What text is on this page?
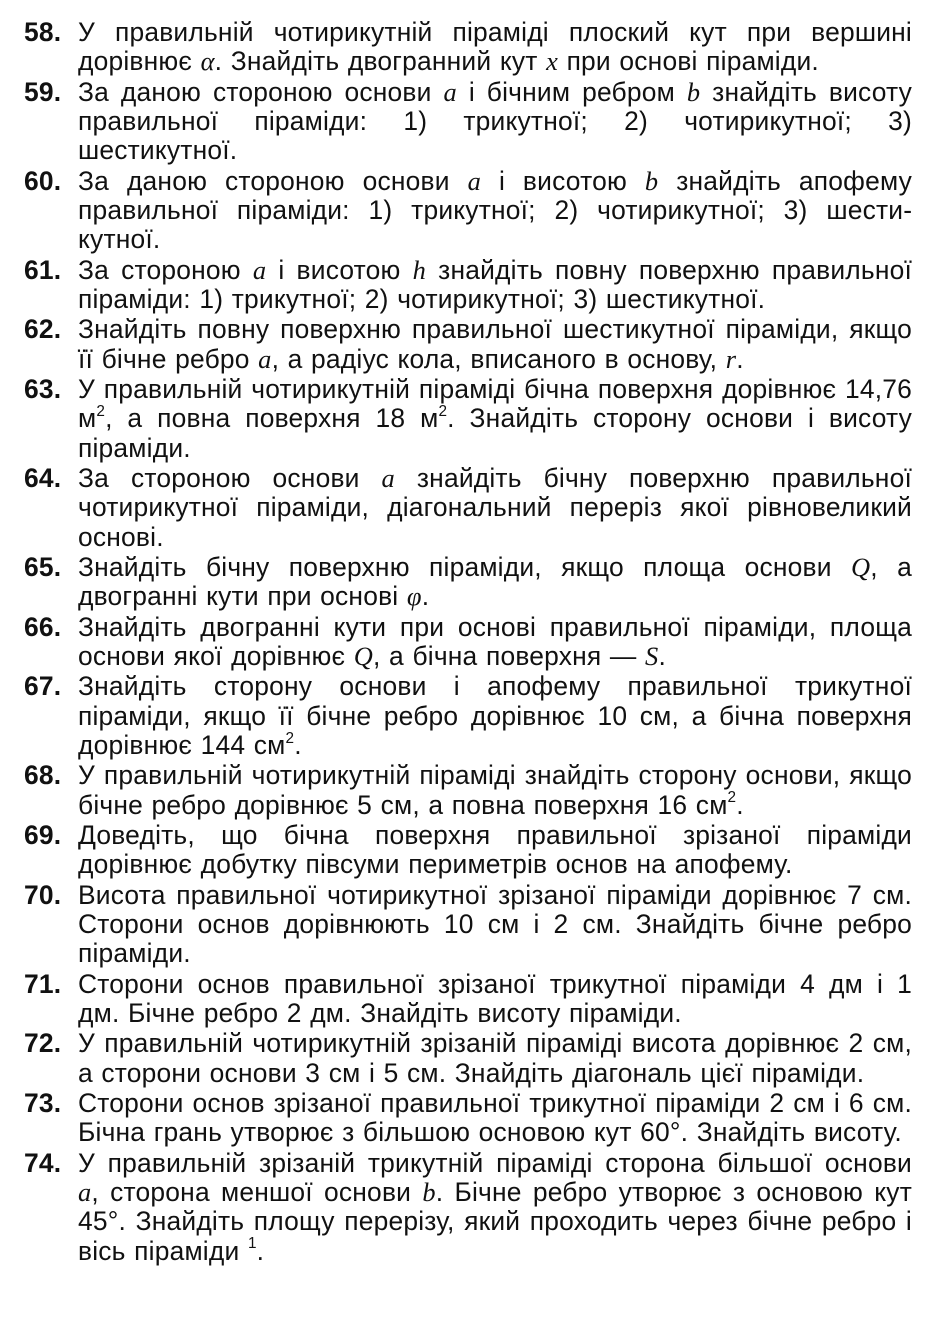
58. У правильній чотирикутній піраміді плоский кут при вершині дорівнює α. Знайдіть двогранний кут x при основі піраміди.
59. За даною стороною основи a і бічним ребром b знайдіть висоту правильної піраміди: 1) трикутної; 2) чотирикутної; 3) шестикутної.
60. За даною стороною основи a і висотою b знайдіть апофему правильної піраміди: 1) трикутної; 2) чотирикутної; 3) шестикутної.
61. За стороною a і висотою h знайдіть повну поверхню правильної піраміди: 1) трикутної; 2) чотирикутної; 3) шестикутної.
62. Знайдіть повну поверхню правильної шестикутної піраміди, якщо її бічне ребро a, а радіус кола, вписаного в основу, r.
63. У правильній чотирикутній піраміді бічна поверхня дорівнює 14,76 $м^2$, а повна поверхня 18 $м^2$. Знайдіть сторону основи і висоту піраміди.
64. За стороною основи a знайдіть бічну поверхню правильної чотирикутної піраміди, діагональний переріз якої рівновеликий основі.
65. Знайдіть бічну поверхню піраміди, якщо площа основи Q, а двогранні кути при основі φ.
66. Знайдіть двогранні кути при основі правильної піраміди, площа основи якої дорівнює Q, а бічна поверхня — S.
67. Знайдіть сторону основи і апофему правильної трикутної піраміди, якщо її бічне ребро дорівнює 10 см, а бічна поверхня дорівнює 144 $см^2$.
68. У правильній чотирикутній піраміді знайдіть сторону основи, якщо бічне ребро дорівнює 5 см, а повна поверхня 16 $см^2$.
69. Доведіть, що бічна поверхня правильної зрізаної піраміди дорівнює добутку півсуми периметрів основ на апофему.
70. Висота правильної чотирикутної зрізаної піраміди дорівнює 7 см. Сторони основ дорівнюють 10 см і 2 см. Знайдіть бічне ребро піраміди.
71. Сторони основ правильної зрізаної трикутної піраміди 4 дм і 1 дм. Бічне ребро 2 дм. Знайдіть висоту піраміди.
72. У правильній чотирикутній зрізаній піраміді висота дорівнює 2 см, а сторони основи 3 см і 5 см. Знайдіть діагональ цієї піраміди.
73. Сторони основ зрізаної правильної трикутної піраміди 2 см і 6 см. Бічна грань утворює з більшою основою кут 60°. Знайдіть висоту.
74. У правильній зрізаній трикутній піраміді сторона більшої основи a, сторона меншої основи b. Бічне ребро утворює з основою кут 45°. Знайдіть площу перерізу, який проходить через бічне ребро і вісь піраміди $^1$.
